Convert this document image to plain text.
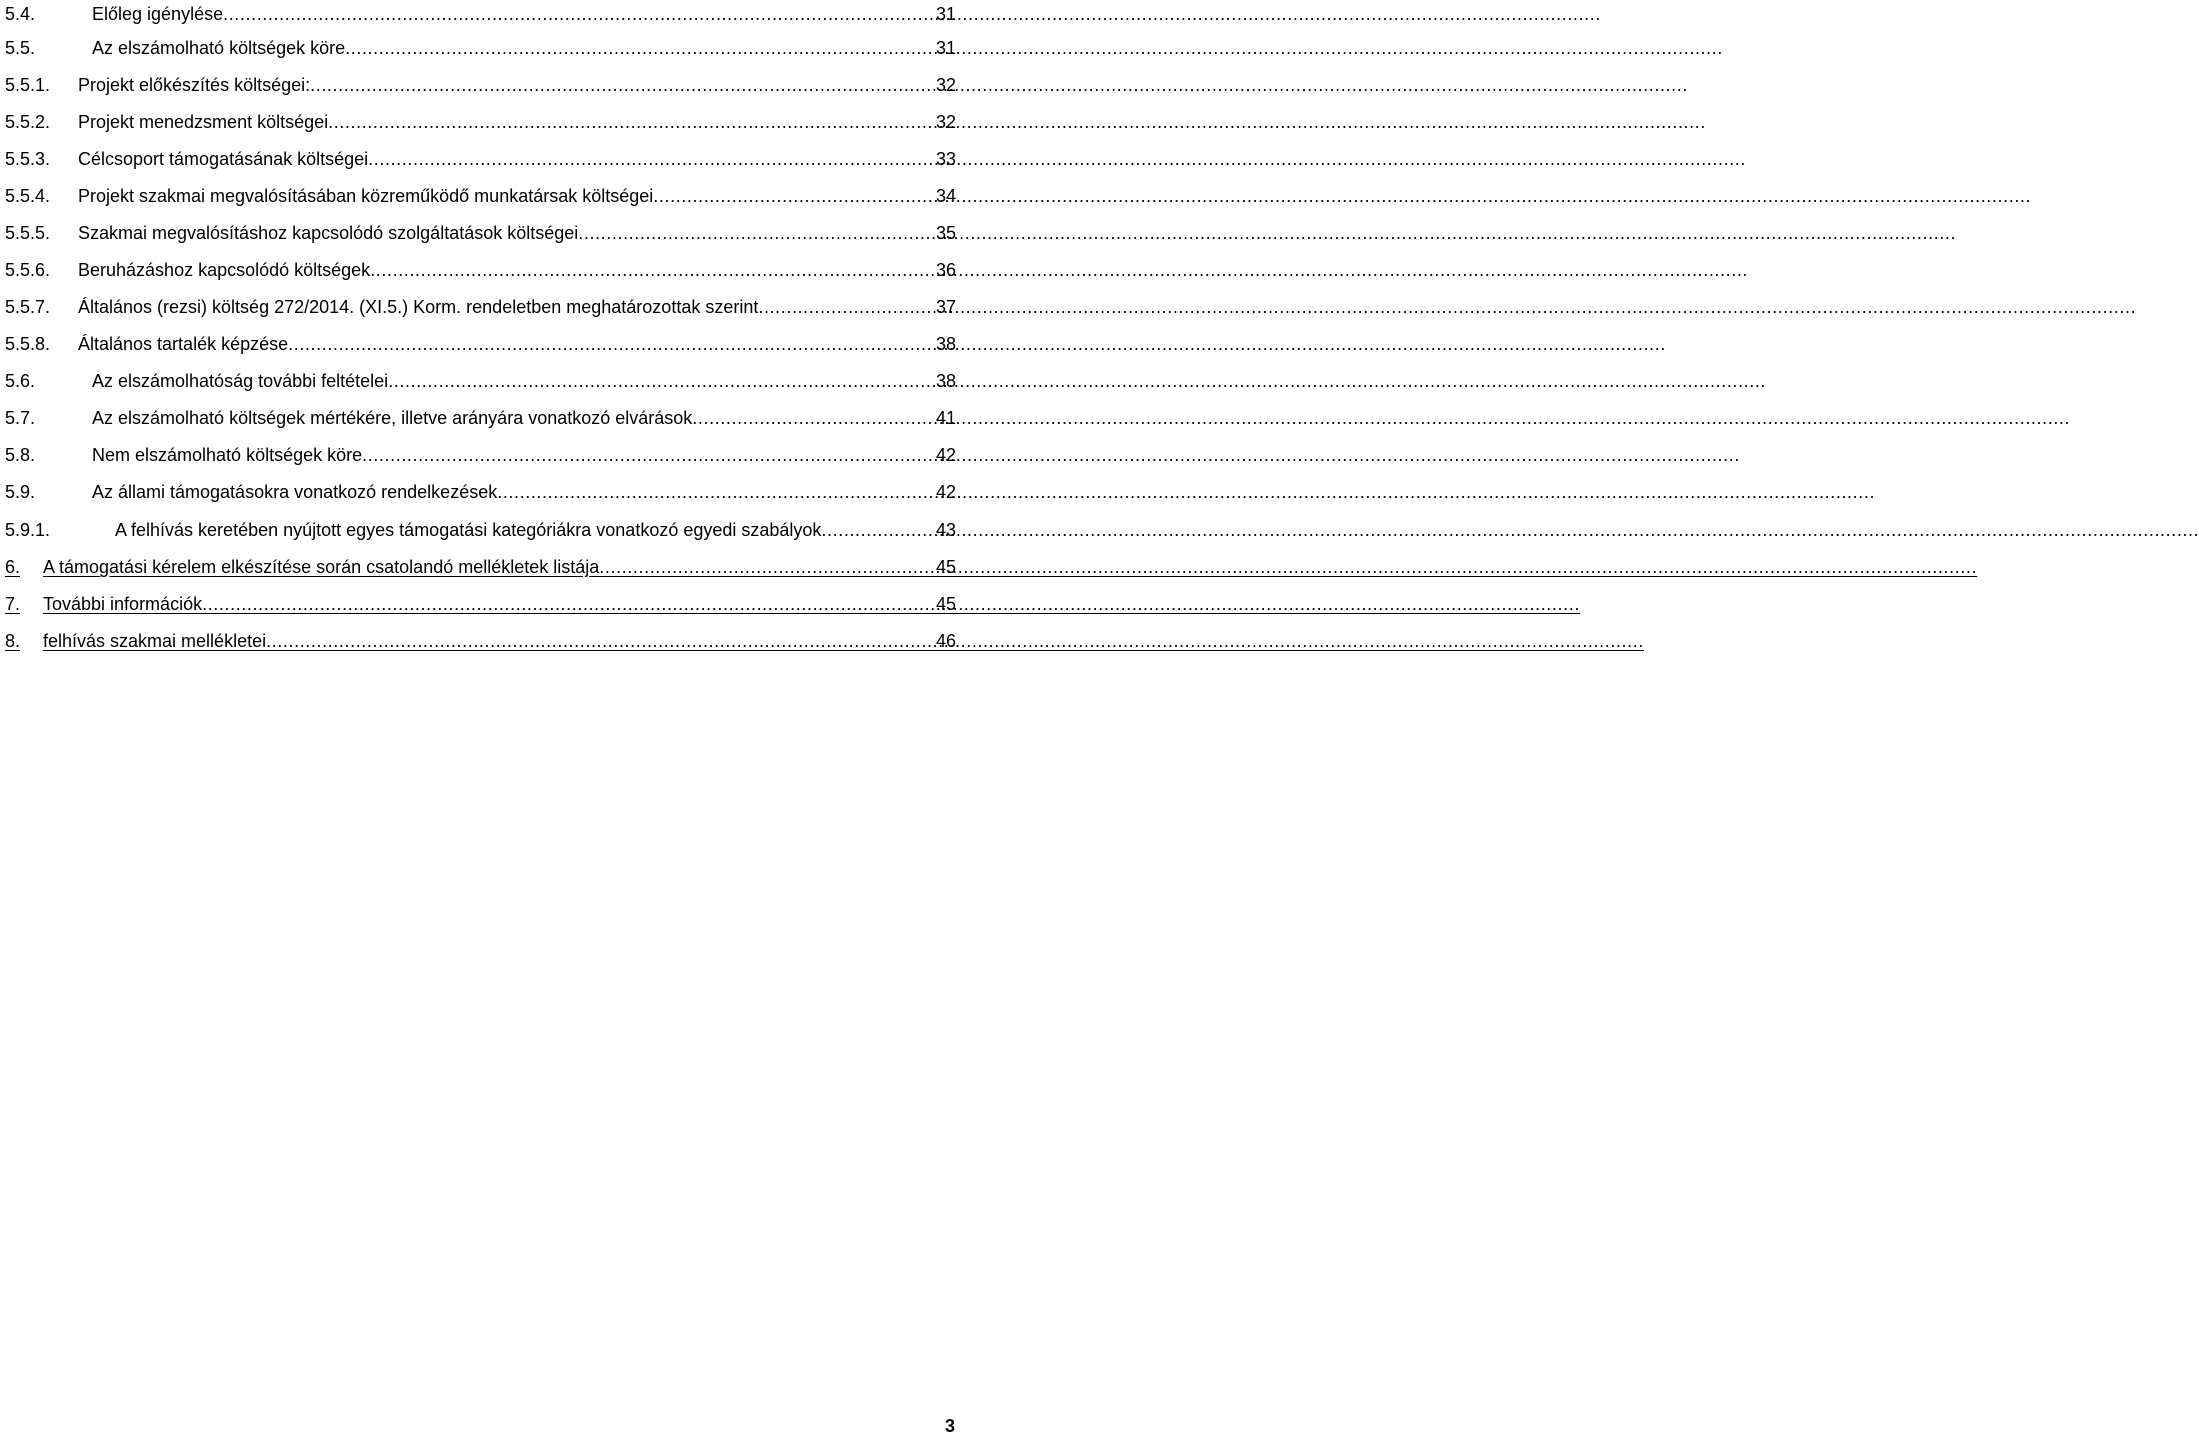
5.4.	Előleg igénylése .....	31
5.5.	Az elszámolható költségek köre .....	31
5.5.1.	Projekt előkészítés költségei: .....	32
5.5.2.	Projekt menedzsment költségei .....	32
5.5.3.	Célcsoport támogatásának költségei .....	33
5.5.4.	Projekt szakmai megvalósításában közreműködő munkatársak költségei .....	34
5.5.5.	Szakmai megvalósításhoz kapcsolódó szolgáltatások költségei .....	35
5.5.6.	Beruházáshoz kapcsolódó költségek .....	36
5.5.7.	Általános (rezsi) költség 272/2014. (XI.5.) Korm. rendeletben meghatározottak szerint .....	37
5.5.8.	Általános tartalék képzése .....	38
5.6.	Az elszámolhatóság további feltételei .....	38
5.7.	Az elszámolható költségek mértékére, illetve arányára vonatkozó elvárások .....	41
5.8.	Nem elszámolható költségek köre .....	42
5.9.	Az állami támogatásokra vonatkozó rendelkezések .....	42
5.9.1.	A felhívás keretében nyújtott egyes támogatási kategóriákra vonatkozó egyedi szabályok .....	43
6.	A támogatási kérelem elkészítése során csatolandó mellékletek listája .....	45
7.	További információk .....	45
8.	felhívás szakmai mellékletei .....	46
3
